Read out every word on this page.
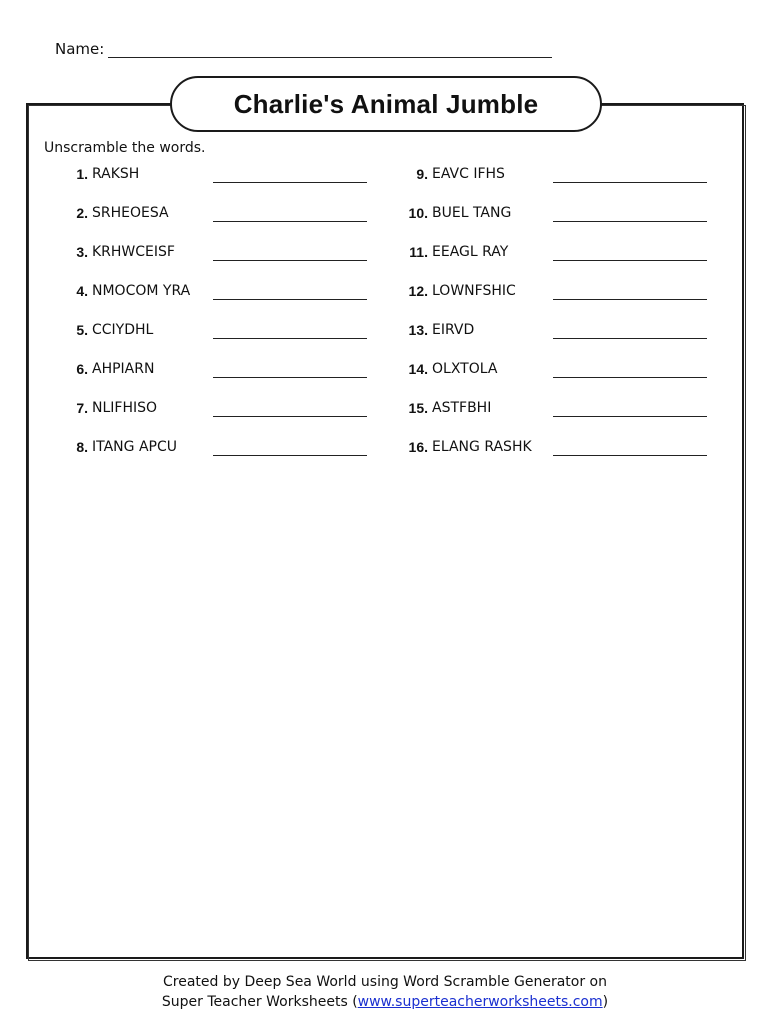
Name:
Charlie's Animal Jumble
Unscramble the words.
1. RAKSH
2. SRHEOESA
3. KRHWCEISF
4. NMOCOM YRA
5. CCIYDHL
6. AHPIARN
7. NLIFHISO
8. ITANG APCU
9. EAVC IFHS
10. BUEL TANG
11. EEAGL RAY
12. LOWNFSHIC
13. EIRVD
14. OLXTOLA
15. ASTFBHI
16. ELANG RASHK
Created by Deep Sea World using Word Scramble Generator on
Super Teacher Worksheets (www.superteacherworksheets.com)
